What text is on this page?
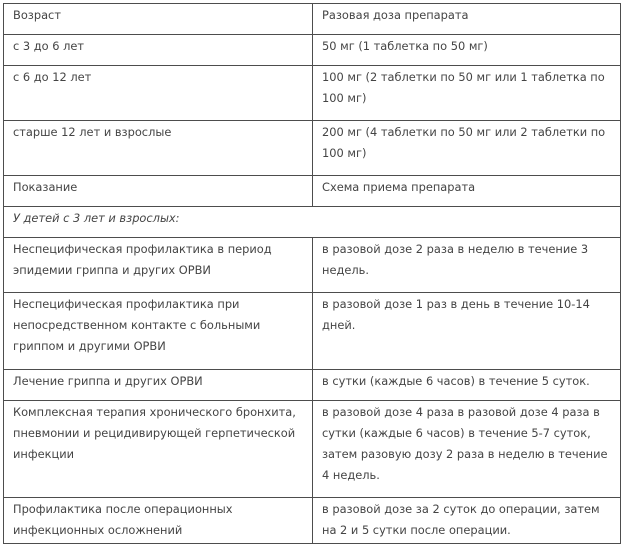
Возраст	Разовая доза препарата
с 3 до 6 лет	50 мг (1 таблетка по 50 мг)
с 6 до 12 лет	100 мг (2 таблетки по 50 мг или 1 таблетка по 100 мг)
старше 12 лет и взрослые	200 мг (4 таблетки по 50 мг или 2 таблетки по 100 мг)
Показание	Схема приема препарата
У детей с 3 лет и взрослых:	
Неспецифическая профилактика в период эпидемии гриппа и других ОРВИ	в разовой дозе 2 раза в неделю в течение 3 недель.
Неспецифическая профилактика при непосредственном контакте с больными гриппом и другими ОРВИ	в разовой дозе 1 раз в день в течение 10-14 дней.
Лечение гриппа и других ОРВИ	в сутки (каждые 6 часов) в течение 5 суток.
Комплексная терапия хронического бронхита, пневмонии и рецидивирующей герпетической инфекции	в разовой дозе 4 раза в разовой дозе 4 раза в сутки (каждые 6 часов) в течение 5-7 суток, затем разовую дозу 2 раза в неделю в течение 4 недель.
Профилактика после операционных инфекционных осложнений	в разовой дозе за 2 суток до операции, затем на 2 и 5 сутки после операции.
